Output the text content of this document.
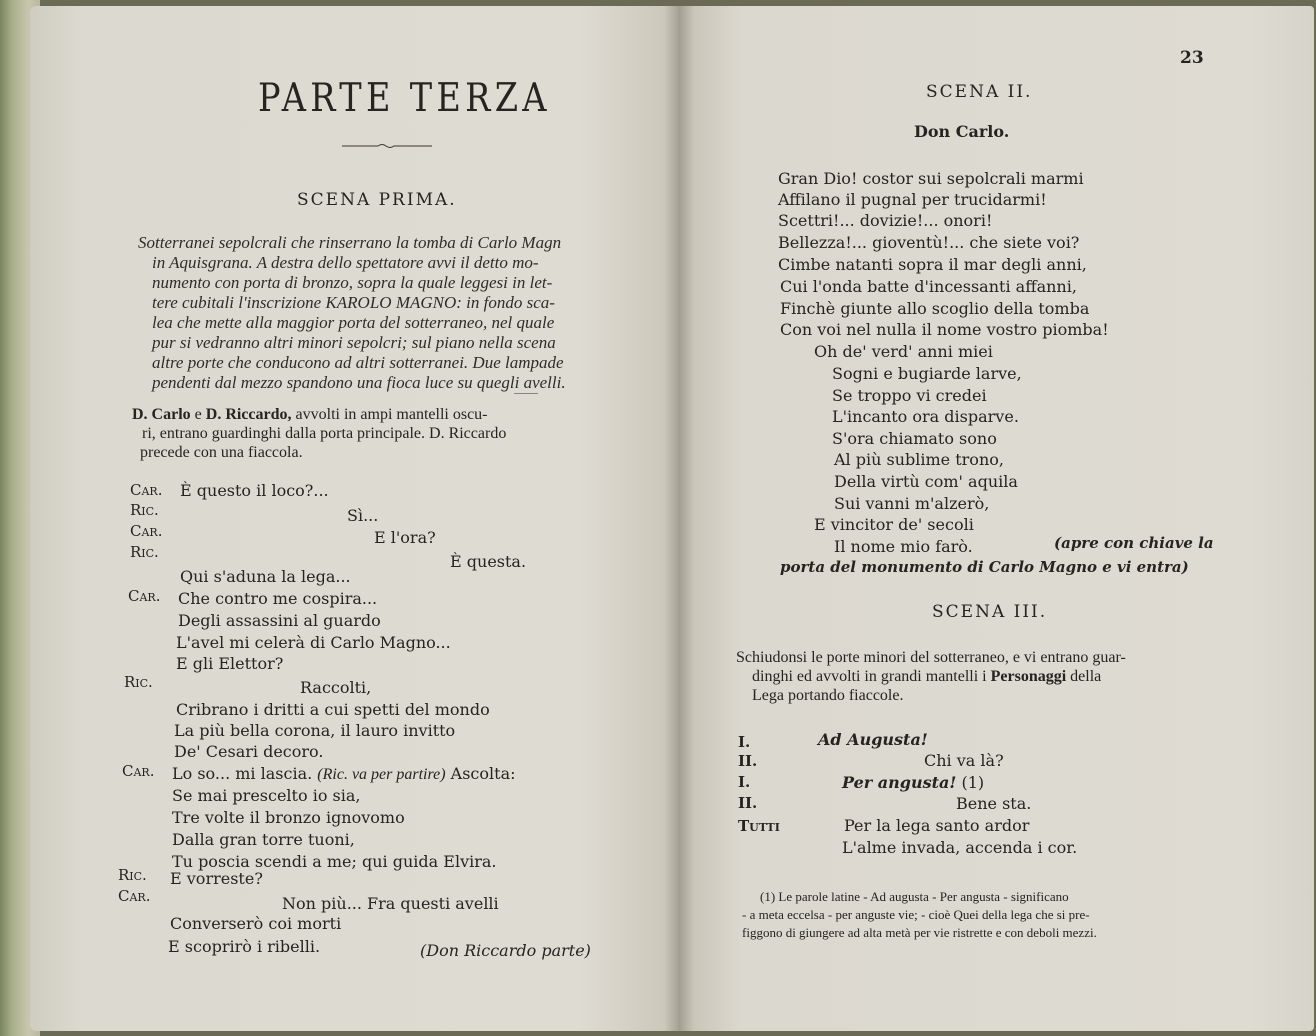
PARTE TERZA
SCENA PRIMA.
Sotterranei sepolcrali che rinserrano la tomba di Carlo Magn
in Aquisgrana. A destra dello spettatore avvi il detto mo-
numento con porta di bronzo, sopra la quale leggesi in let-
tere cubitali l'inscrizione KAROLO MAGNO: in fondo sca-
lea che mette alla maggior porta del sotterraneo, nel quale
pur si vedranno altri minori sepolcri; sul piano nella scena
altre porte che conducono ad altri sotterranei. Due lampade
pendenti dal mezzo spandono una fioca luce su quegli avelli.
D. Carlo e D. Riccardo, avvolti in ampi mantelli oscu-
ri, entrano guardinghi dalla porta principale. D. Riccardo
precede con una fiaccola.
Car. È questo il loco?...
Ric.	Sì...
Car.	E l'ora?
Ric.	È questa.
Qui s'aduna la lega...
Car. Che contro me cospira...
Degli assassini al guardo
L'avel mi celerà di Carlo Magno...
E gli Elettor?
Ric.	Raccolti,
Cribrano i dritti a cui spetti del mondo
La più bella corona, il lauro invitto
De' Cesari decoro.
Car. Lo so... mi lascia. (Ric. va per partire) Ascolta:
Se mai prescelto io sia,
Tre volte il bronzo ignovomo
Dalla gran torre tuoni,
Tu poscia scendi a me; qui guida Elvira.
Ric. E vorreste?
Car.	Non più... Fra questi avelli
Converserò coi morti
E scoprirò i ribelli.	(Don Riccardo parte)
23
SCENA II.
Don Carlo.
Gran Dio! costor sui sepolcrali marmi
Affilano il pugnal per trucidarmi!
Scettri!... dovizie!... onori!
Bellezza!... gioventù!... che siete voi?
Cimbe natanti sopra il mar degli anni,
Cui l'onda batte d'incessanti affanni,
Finchè giunte allo scoglio della tomba
Con voi nel nulla il nome vostro piomba!
Oh de' verd' anni miei
Sogni e bugiarde larve,
Se troppo vi credei
L'incanto ora disparve.
S'ora chiamato sono
Al più sublime trono,
Della virtù com' aquila
Sui vanni m'alzerò,
E vincitor de' secoli
Il nome mio farò.	(apre con chiave la
porta del monumento di Carlo Magno e vi entra)
SCENA III.
Schiudonsi le porte minori del sotterraneo, e vi entrano guar-
dinghi ed avvolti in grandi mantelli i Personaggi della
Lega portando fiaccole.
I.	Ad Augusta!
II.	Chi va là?
I.	Per angusta! (1)
II.	Bene sta.
Tutti	Per la lega santo ardor
L'alme invada, accenda i cor.
(1) Le parole latine - Ad augusta - Per angusta - significano
- a meta eccelsa - per anguste vie; - cioè Quei della lega che si pre-
figgono di giungere ad alta metà per vie ristrette e con deboli mezzi.
